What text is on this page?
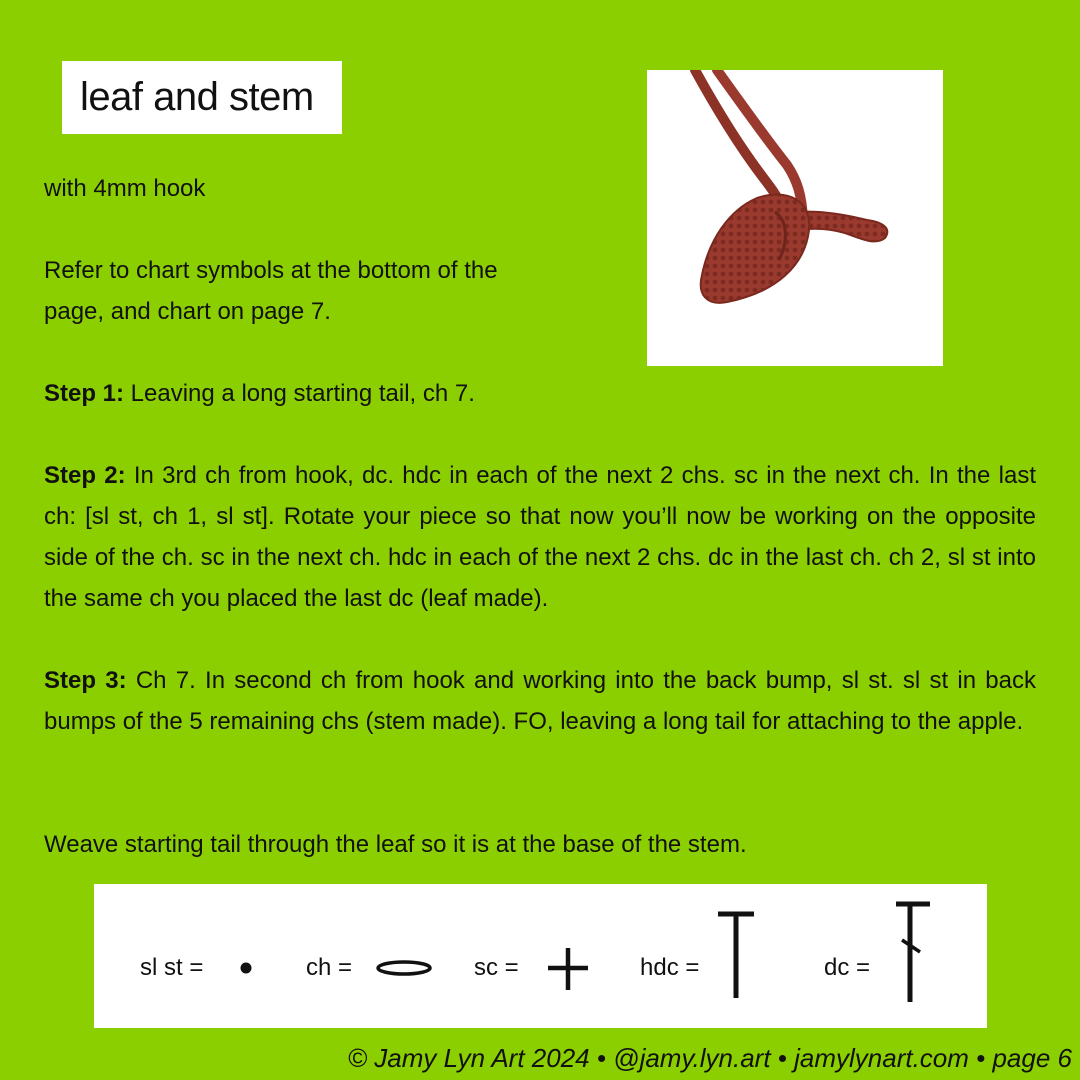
leaf and stem

with 4mm hook

Refer to chart symbols at the bottom of the
page, and chart on page 7.

Step 1: Leaving a long starting tail, ch 7.

Step 2: In 3rd ch from hook, dc. hdc in each of the next 2 chs. sc in the next ch. In the last ch: [sl st, ch 1, sl st]. Rotate your piece so that now you’ll now be working on the opposite side of the ch. sc in the next ch. hdc in each of the next 2 chs. dc in the last ch. ch 2, sl st into the same ch you placed the last dc (leaf made).

Step 3: Ch 7. In second ch from hook and working into the back bump, sl st. sl st in back bumps of the 5 remaining chs (stem made). FO, leaving a long tail for attaching to the apple.

Weave starting tail through the leaf so it is at the base of the stem.

sl st =	ch =	sc =	hdc =	dc =
© Jamy Lyn Art 2024 • @jamy.lyn.art • jamylynart.com • page 6
